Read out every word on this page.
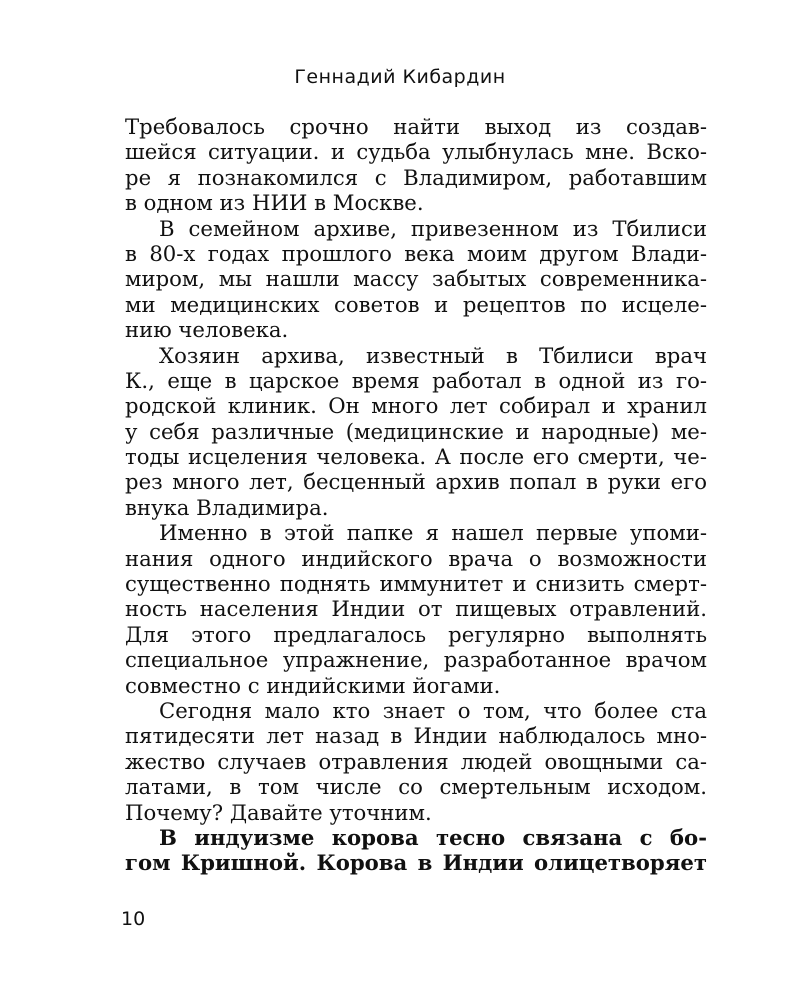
Геннадий Кибардин
Требовалось срочно найти выход из создав-
шейся ситуации. и судьба улыбнулась мне. Вско-
ре я познакомился с Владимиром, работавшим
в одном из НИИ в Москве.
В семейном архиве, привезенном из Тбилиси
в 80-х годах прошлого века моим другом Влади-
миром, мы нашли массу забытых современника-
ми медицинских советов и рецептов по исцеле-
нию человека.
Хозяин архива, известный в Тбилиси врач
К., еще в царское время работал в одной из го-
родской клиник. Он много лет собирал и хранил
у себя различные (медицинские и народные) ме-
тоды исцеления человека. А после его смерти, че-
рез много лет, бесценный архив попал в руки его
внука Владимира.
Именно в этой папке я нашел первые упоми-
нания одного индийского врача о возможности
существенно поднять иммунитет и снизить смерт-
ность населения Индии от пищевых отравлений.
Для этого предлагалось регулярно выполнять
специальное упражнение, разработанное врачом
совместно с индийскими йогами.
Сегодня мало кто знает о том, что более ста
пятидесяти лет назад в Индии наблюдалось мно-
жество случаев отравления людей овощными са-
латами, в том числе со смертельным исходом.
Почему? Давайте уточним.
В индуизме корова тесно связана с бо-
гом Кришной. Корова в Индии олицетворяет
10
